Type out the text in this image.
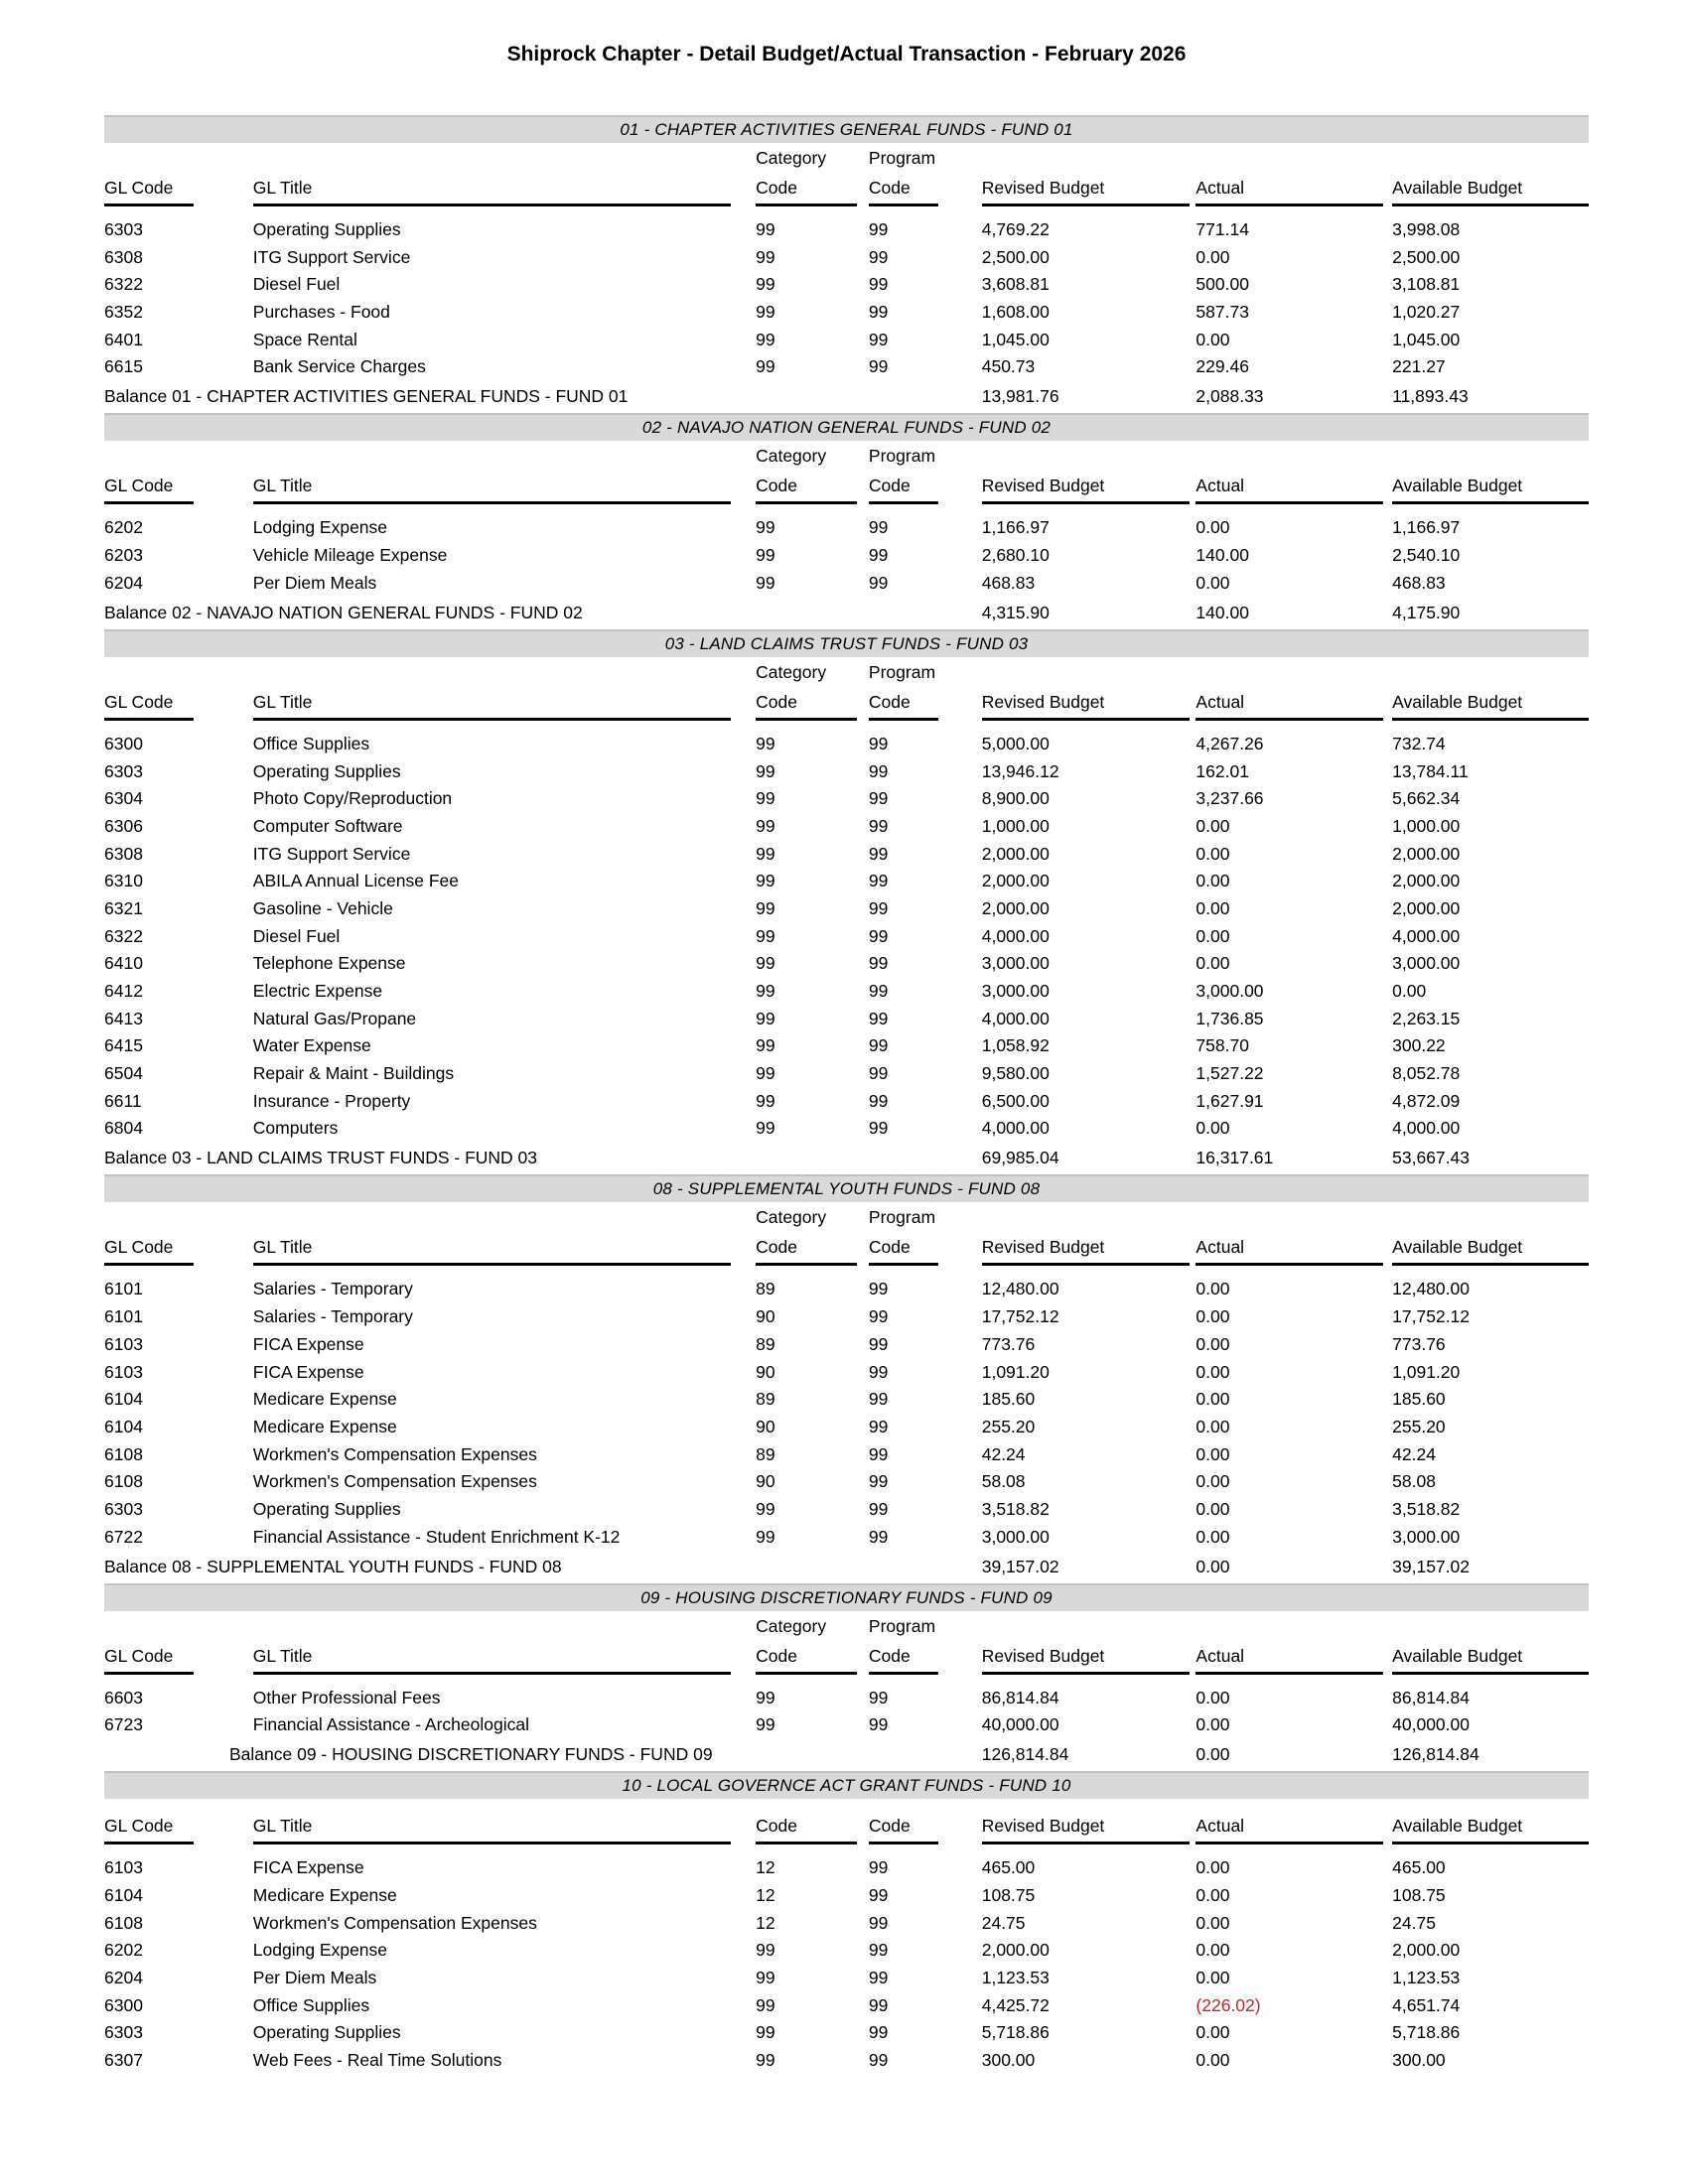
Shiprock Chapter - Detail Budget/Actual Transaction - February 2026
01 - CHAPTER ACTIVITIES GENERAL FUNDS - FUND 01
				Category		Program						
GL Code		GL Title		Code		Code		Revised Budget		Actual		Available Budget
6303		Operating Supplies		99		99		4,769.22		771.14		3,998.08
6308		ITG Support Service		99		99		2,500.00		0.00		2,500.00
6322		Diesel Fuel		99		99		3,608.81		500.00		3,108.81
6352		Purchases - Food		99		99		1,608.00		587.73		1,020.27
6401		Space Rental		99		99		1,045.00		0.00		1,045.00
6615		Bank Service Charges		99		99		450.73		229.46		221.27
Balance 01 - CHAPTER ACTIVITIES GENERAL FUNDS - FUND 01								13,981.76		2,088.33		11,893.43
02 - NAVAJO NATION GENERAL FUNDS - FUND 02
				Category		Program						
GL Code		GL Title		Code		Code		Revised Budget		Actual		Available Budget
6202		Lodging Expense		99		99		1,166.97		0.00		1,166.97
6203		Vehicle Mileage Expense		99		99		2,680.10		140.00		2,540.10
6204		Per Diem Meals		99		99		468.83		0.00		468.83
Balance 02 - NAVAJO NATION GENERAL FUNDS - FUND 02								4,315.90		140.00		4,175.90
03 - LAND CLAIMS TRUST FUNDS - FUND 03
				Category		Program						
GL Code		GL Title		Code		Code		Revised Budget		Actual		Available Budget
6300		Office Supplies		99		99		5,000.00		4,267.26		732.74
6303		Operating Supplies		99		99		13,946.12		162.01		13,784.11
6304		Photo Copy/Reproduction		99		99		8,900.00		3,237.66		5,662.34
6306		Computer Software		99		99		1,000.00		0.00		1,000.00
6308		ITG Support Service		99		99		2,000.00		0.00		2,000.00
6310		ABILA Annual License Fee		99		99		2,000.00		0.00		2,000.00
6321		Gasoline - Vehicle		99		99		2,000.00		0.00		2,000.00
6322		Diesel Fuel		99		99		4,000.00		0.00		4,000.00
6410		Telephone Expense		99		99		3,000.00		0.00		3,000.00
6412		Electric Expense		99		99		3,000.00		3,000.00		0.00
6413		Natural Gas/Propane		99		99		4,000.00		1,736.85		2,263.15
6415		Water Expense		99		99		1,058.92		758.70		300.22
6504		Repair & Maint - Buildings		99		99		9,580.00		1,527.22		8,052.78
6611		Insurance - Property		99		99		6,500.00		1,627.91		4,872.09
6804		Computers		99		99		4,000.00		0.00		4,000.00
Balance 03 - LAND CLAIMS TRUST FUNDS - FUND 03								69,985.04		16,317.61		53,667.43
08 - SUPPLEMENTAL YOUTH FUNDS - FUND 08
				Category		Program						
GL Code		GL Title		Code		Code		Revised Budget		Actual		Available Budget
6101		Salaries - Temporary		89		99		12,480.00		0.00		12,480.00
6101		Salaries - Temporary		90		99		17,752.12		0.00		17,752.12
6103		FICA Expense		89		99		773.76		0.00		773.76
6103		FICA Expense		90		99		1,091.20		0.00		1,091.20
6104		Medicare Expense		89		99		185.60		0.00		185.60
6104		Medicare Expense		90		99		255.20		0.00		255.20
6108		Workmen's Compensation Expenses		89		99		42.24		0.00		42.24
6108		Workmen's Compensation Expenses		90		99		58.08		0.00		58.08
6303		Operating Supplies		99		99		3,518.82		0.00		3,518.82
6722		Financial Assistance - Student Enrichment K-12		99		99		3,000.00		0.00		3,000.00
Balance 08 - SUPPLEMENTAL YOUTH FUNDS - FUND 08								39,157.02		0.00		39,157.02
09 - HOUSING DISCRETIONARY FUNDS - FUND 09
				Category		Program						
GL Code		GL Title		Code		Code		Revised Budget		Actual		Available Budget
6603		Other Professional Fees		99		99		86,814.84		0.00		86,814.84
6723		Financial Assistance - Archeological		99		99		40,000.00		0.00		40,000.00
Balance 09 - HOUSING DISCRETIONARY FUNDS - FUND 09								126,814.84		0.00		126,814.84
10 - LOCAL GOVERNCE ACT GRANT FUNDS - FUND 10
GL Code		GL Title		Code		Code		Revised Budget		Actual		Available Budget
6103		FICA Expense		12		99		465.00		0.00		465.00
6104		Medicare Expense		12		99		108.75		0.00		108.75
6108		Workmen's Compensation Expenses		12		99		24.75		0.00		24.75
6202		Lodging Expense		99		99		2,000.00		0.00		2,000.00
6204		Per Diem Meals		99		99		1,123.53		0.00		1,123.53
6300		Office Supplies		99		99		4,425.72		(226.02)		4,651.74
6303		Operating Supplies		99		99		5,718.86		0.00		5,718.86
6307		Web Fees - Real Time Solutions		99		99		300.00		0.00		300.00
